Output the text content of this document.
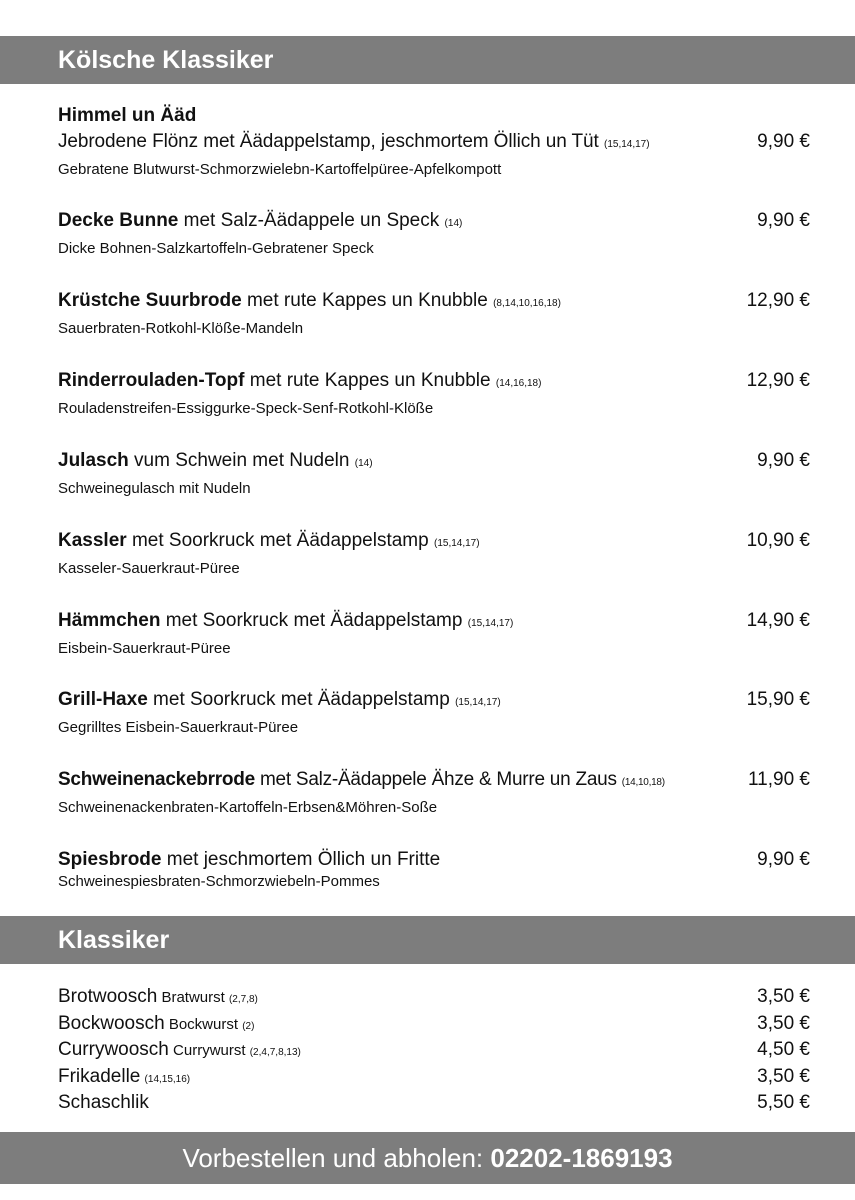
Kölsche Klassiker
Himmel un Ääd
Jebrodene Flönz met Äädappelstamp, jeschmortem Öllich un Tüt (15,14,17)	9,90 €
Gebratene Blutwurst-Schmorzwielebn-Kartoffelpüree-Apfelkompott
Decke Bunne met Salz-Äädappele un Speck (14)	9,90 €
Dicke Bohnen-Salzkartoffeln-Gebratener Speck
Krüstche Suurbrode met rute Kappes un Knubble (8,14,10,16,18)	12,90 €
Sauerbraten-Rotkohl-Klöße-Mandeln
Rinderrouladen-Topf met rute Kappes un Knubble (14,16,18)	12,90 €
Rouladenstreifen-Essiggurke-Speck-Senf-Rotkohl-Klöße
Julasch vum Schwein met Nudeln (14)	9,90 €
Schweinegulasch mit Nudeln
Kassler met Soorkruck met Äädappelstamp (15,14,17)	10,90 €
Kasseler-Sauerkraut-Püree
Hämmchen met Soorkruck met Äädappelstamp (15,14,17)	14,90 €
Eisbein-Sauerkraut-Püree
Grill-Haxe met Soorkruck met Äädappelstamp (15,14,17)	15,90 €
Gegrilltes Eisbein-Sauerkraut-Püree
Schweinenackebrrode met Salz-Äädappele Ähze & Murre un Zaus (14,10,18)	11,90 €
Schweinenackenbraten-Kartoffeln-Erbsen&Möhren-Soße
Spiesbrode met jeschmortem Öllich un Fritte	9,90 €
Schweinespiesbraten-Schmorzwiebeln-Pommes
Klassiker
Brotwoosch Bratwurst (2,7,8)	3,50 €
Bockwoosch Bockwurst (2)	3,50 €
Currywoosch Currywurst (2,4,7,8,13)	4,50 €
Frikadelle (14,15,16)	3,50 €
Schaschlik	5,50 €
Vorbestellen und abholen: 02202-1869193
